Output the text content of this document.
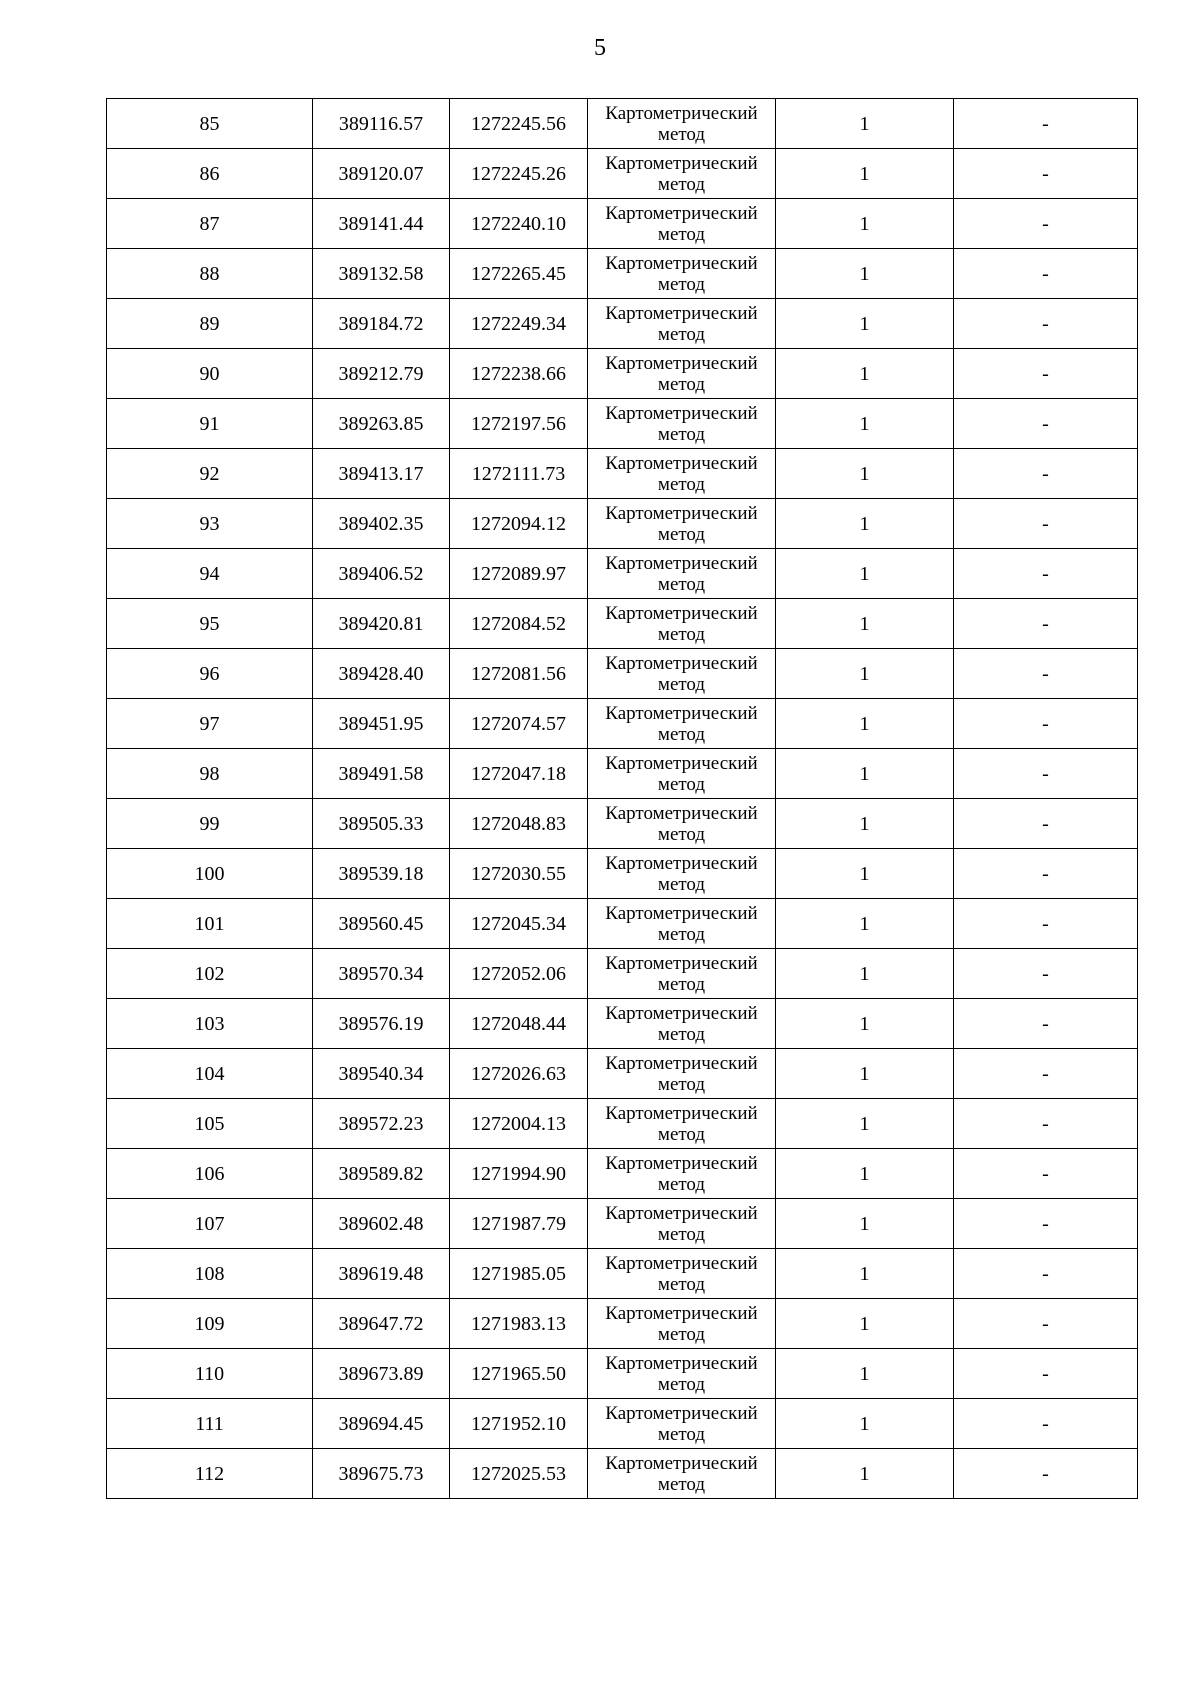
5
85	389116.57	1272245.56	Картометрический
метод	1	-
86	389120.07	1272245.26	Картометрический
метод	1	-
87	389141.44	1272240.10	Картометрический
метод	1	-
88	389132.58	1272265.45	Картометрический
метод	1	-
89	389184.72	1272249.34	Картометрический
метод	1	-
90	389212.79	1272238.66	Картометрический
метод	1	-
91	389263.85	1272197.56	Картометрический
метод	1	-
92	389413.17	1272111.73	Картометрический
метод	1	-
93	389402.35	1272094.12	Картометрический
метод	1	-
94	389406.52	1272089.97	Картометрический
метод	1	-
95	389420.81	1272084.52	Картометрический
метод	1	-
96	389428.40	1272081.56	Картометрический
метод	1	-
97	389451.95	1272074.57	Картометрический
метод	1	-
98	389491.58	1272047.18	Картометрический
метод	1	-
99	389505.33	1272048.83	Картометрический
метод	1	-
100	389539.18	1272030.55	Картометрический
метод	1	-
101	389560.45	1272045.34	Картометрический
метод	1	-
102	389570.34	1272052.06	Картометрический
метод	1	-
103	389576.19	1272048.44	Картометрический
метод	1	-
104	389540.34	1272026.63	Картометрический
метод	1	-
105	389572.23	1272004.13	Картометрический
метод	1	-
106	389589.82	1271994.90	Картометрический
метод	1	-
107	389602.48	1271987.79	Картометрический
метод	1	-
108	389619.48	1271985.05	Картометрический
метод	1	-
109	389647.72	1271983.13	Картометрический
метод	1	-
110	389673.89	1271965.50	Картометрический
метод	1	-
111	389694.45	1271952.10	Картометрический
метод	1	-
112	389675.73	1272025.53	Картометрический
метод	1	-
